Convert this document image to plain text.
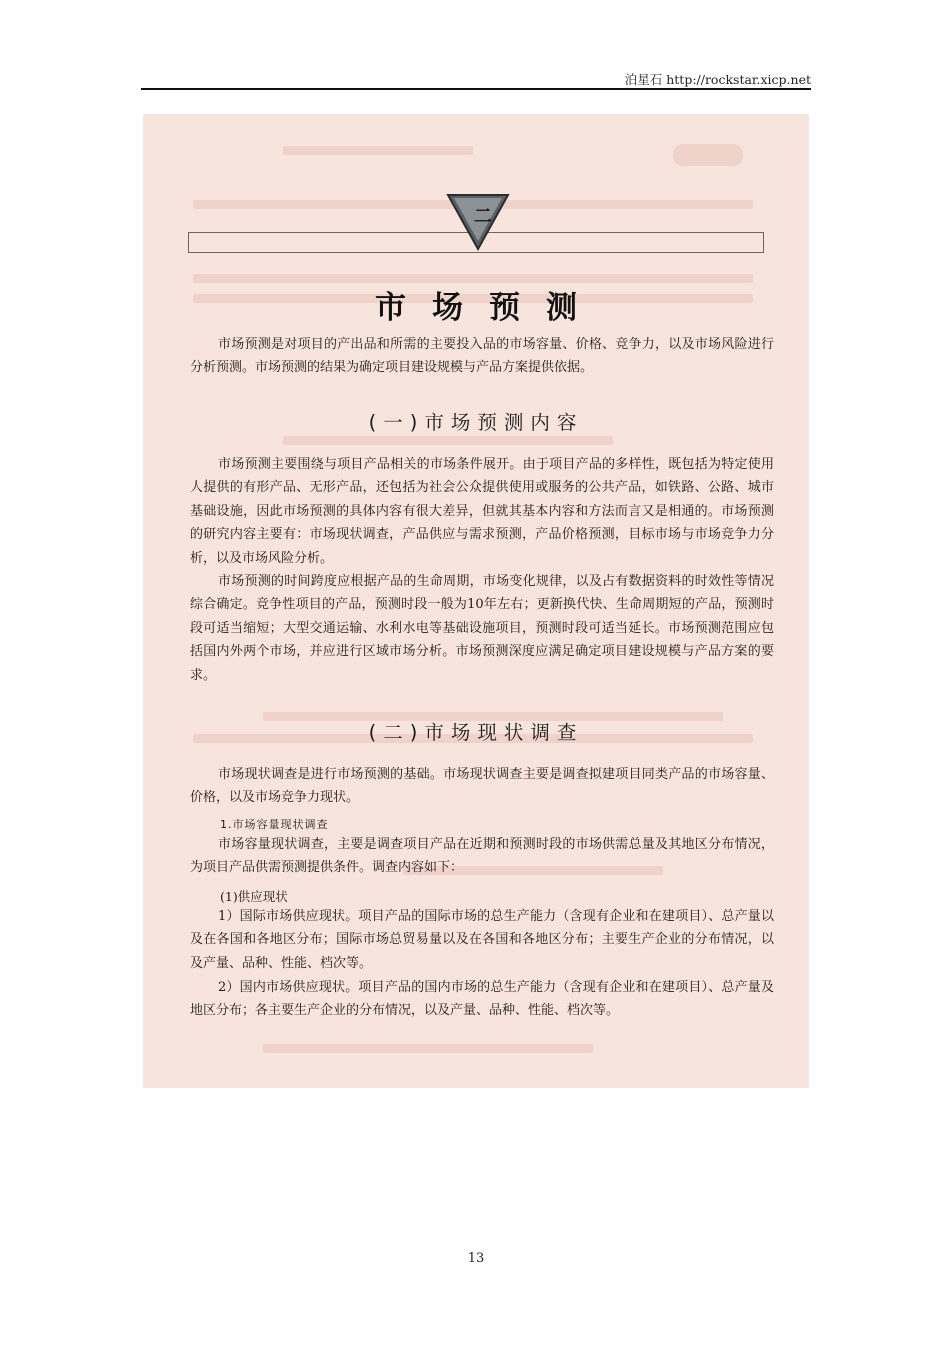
泊星石 http://rockstar.xicp.net
二
市场预测

市场预测是对项目的产出品和所需的主要投入品的市场容量、价格、竞争力，以及市场风险进行分析预测。市场预测的结果为确定项目建设规模与产品方案提供依据。

(一)市场预测内容

市场预测主要围绕与项目产品相关的市场条件展开。由于项目产品的多样性，既包括为特定使用人提供的有形产品、无形产品，还包括为社会公众提供使用或服务的公共产品，如铁路、公路、城市基础设施，因此市场预测的具体内容有很大差异，但就其基本内容和方法而言又是相通的。市场预测的研究内容主要有：市场现状调查，产品供应与需求预测，产品价格预测，目标市场与市场竞争力分析，以及市场风险分析。

市场预测的时间跨度应根据产品的生命周期，市场变化规律，以及占有数据资料的时效性等情况综合确定。竞争性项目的产品，预测时段一般为10年左右；更新换代快、生命周期短的产品，预测时段可适当缩短；大型交通运输、水利水电等基础设施项目，预测时段可适当延长。市场预测范围应包括国内外两个市场，并应进行区域市场分析。市场预测深度应满足确定项目建设规模与产品方案的要求。

(二)市场现状调查

市场现状调查是进行市场预测的基础。市场现状调查主要是调查拟建项目同类产品的市场容量、价格，以及市场竞争力现状。

1.市场容量现状调查

市场容量现状调查，主要是调查项目产品在近期和预测时段的市场供需总量及其地区分布情况，为项目产品供需预测提供条件。调查内容如下：

(1)供应现状

1）国际市场供应现状。项目产品的国际市场的总生产能力（含现有企业和在建项目）、总产量以及在各国和各地区分布；国际市场总贸易量以及在各国和各地区分布；主要生产企业的分布情况，以及产量、品种、性能、档次等。

2）国内市场供应现状。项目产品的国内市场的总生产能力（含现有企业和在建项目）、总产量及地区分布；各主要生产企业的分布情况，以及产量、品种、性能、档次等。

13
